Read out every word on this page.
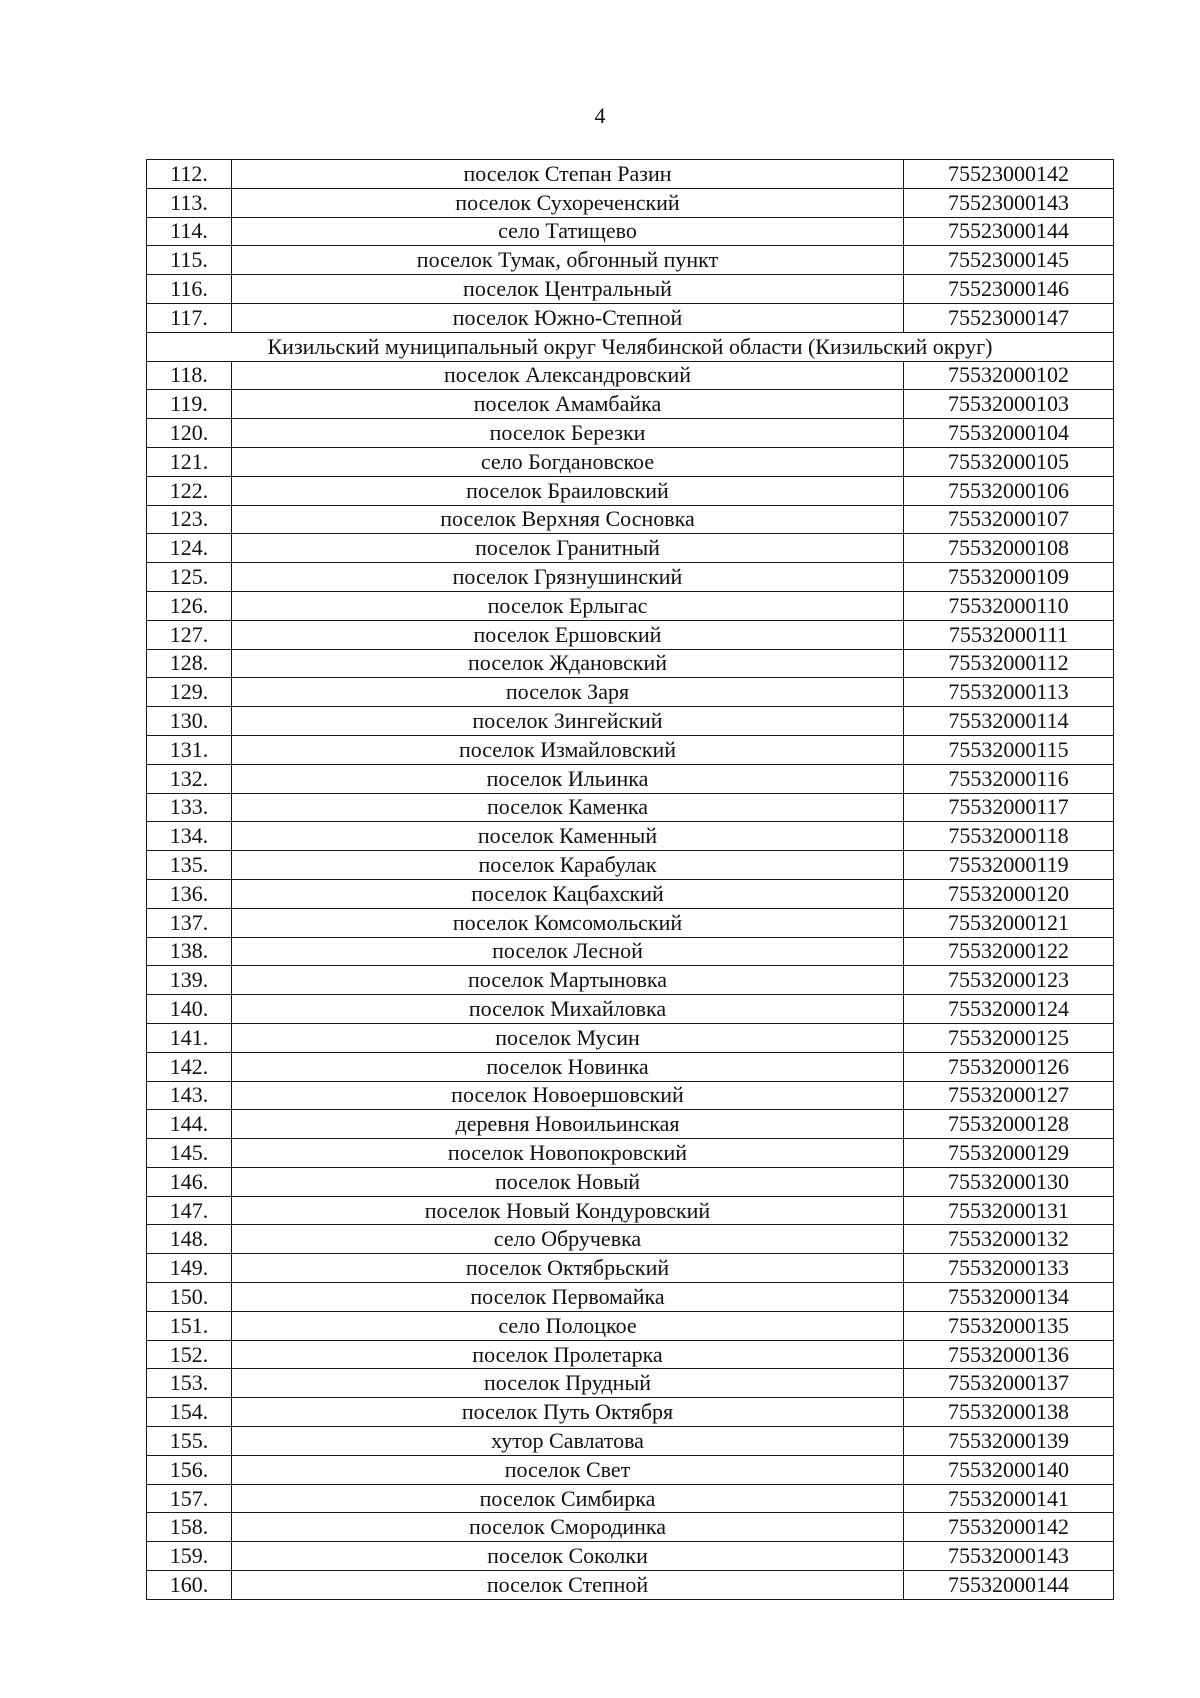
4
112.	поселок Степан Разин	75523000142
113.	поселок Сухореченский	75523000143
114.	село Татищево	75523000144
115.	поселок Тумак, обгонный пункт	75523000145
116.	поселок Центральный	75523000146
117.	поселок Южно-Степной	75523000147
Кизильский муниципальный округ Челябинской области (Кизильский округ)		
118.	поселок Александровский	75532000102
119.	поселок Амамбайка	75532000103
120.	поселок Березки	75532000104
121.	село Богдановское	75532000105
122.	поселок Браиловский	75532000106
123.	поселок Верхняя Сосновка	75532000107
124.	поселок Гранитный	75532000108
125.	поселок Грязнушинский	75532000109
126.	поселок Ерлыгас	75532000110
127.	поселок Ершовский	75532000111
128.	поселок Ждановский	75532000112
129.	поселок Заря	75532000113
130.	поселок Зингейский	75532000114
131.	поселок Измайловский	75532000115
132.	поселок Ильинка	75532000116
133.	поселок Каменка	75532000117
134.	поселок Каменный	75532000118
135.	поселок Карабулак	75532000119
136.	поселок Кацбахский	75532000120
137.	поселок Комсомольский	75532000121
138.	поселок Лесной	75532000122
139.	поселок Мартыновка	75532000123
140.	поселок Михайловка	75532000124
141.	поселок Мусин	75532000125
142.	поселок Новинка	75532000126
143.	поселок Новоершовский	75532000127
144.	деревня Новоильинская	75532000128
145.	поселок Новопокровский	75532000129
146.	поселок Новый	75532000130
147.	поселок Новый Кондуровский	75532000131
148.	село Обручевка	75532000132
149.	поселок Октябрьский	75532000133
150.	поселок Первомайка	75532000134
151.	село Полоцкое	75532000135
152.	поселок Пролетарка	75532000136
153.	поселок Прудный	75532000137
154.	поселок Путь Октября	75532000138
155.	хутор Савлатова	75532000139
156.	поселок Свет	75532000140
157.	поселок Симбирка	75532000141
158.	поселок Смородинка	75532000142
159.	поселок Соколки	75532000143
160.	поселок Степной	75532000144
